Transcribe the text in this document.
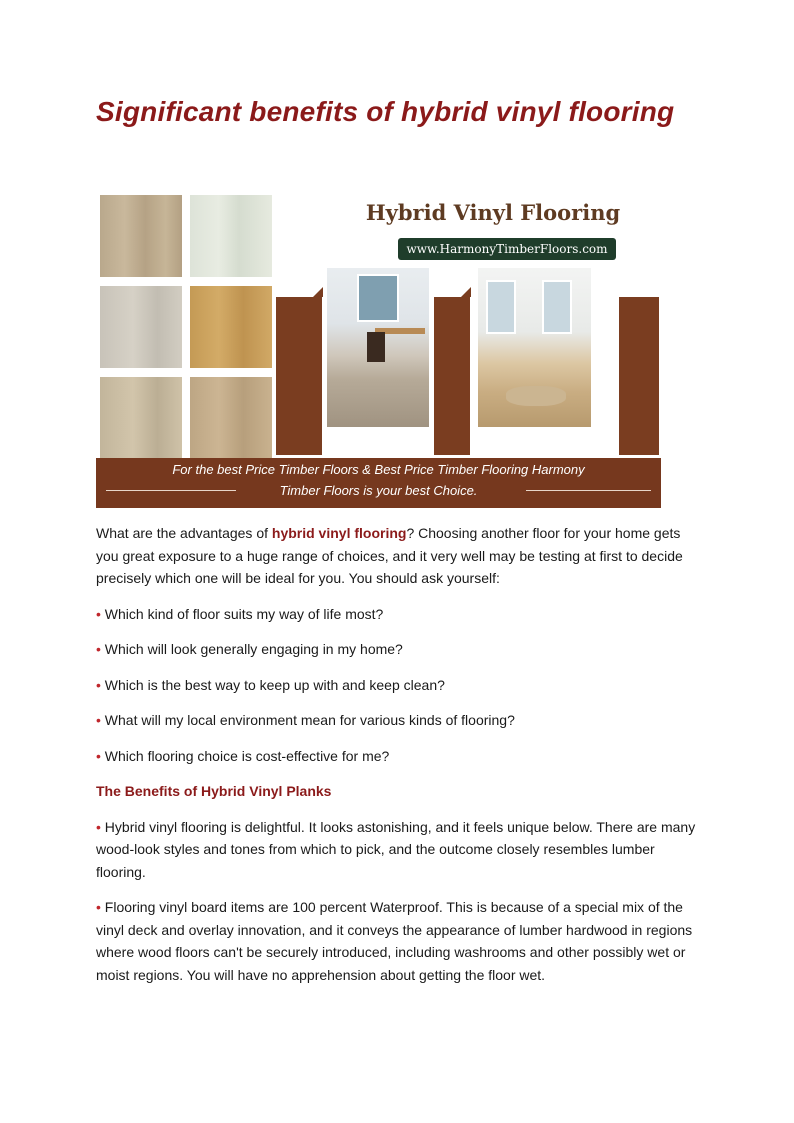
Significant benefits of hybrid vinyl flooring
Hybrid Vinyl Flooring
www.HarmonyTimberFloors.com
For the best Price Timber Floors & Best Price Timber Flooring Harmony
Timber Floors is your best Choice.

What are the advantages of hybrid vinyl flooring? Choosing another floor for your home gets you great exposure to a huge range of choices, and it very well may be testing at first to decide precisely which one will be ideal for you. You should ask yourself:

• Which kind of floor suits my way of life most?

• Which will look generally engaging in my home?

• Which is the best way to keep up with and keep clean?

• What will my local environment mean for various kinds of flooring?

• Which flooring choice is cost-effective for me?

The Benefits of Hybrid Vinyl Planks

• Hybrid vinyl flooring is delightful. It looks astonishing, and it feels unique below. There are many wood-look styles and tones from which to pick, and the outcome closely resembles lumber flooring.

• Flooring vinyl board items are 100 percent Waterproof. This is because of a special mix of the vinyl deck and overlay innovation, and it conveys the appearance of lumber hardwood in regions where wood floors can't be securely introduced, including washrooms and other possibly wet or moist regions. You will have no apprehension about getting the floor wet.
